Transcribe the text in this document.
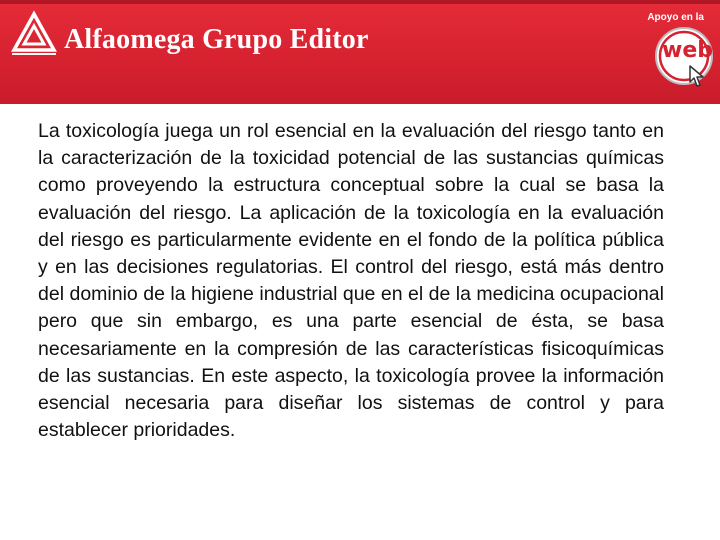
Alfaomega Grupo Editor
Apoyo en la
web
La toxicología juega un rol esencial en la evaluación del riesgo tanto en la caracterización de la toxicidad potencial de las sustancias químicas como proveyendo la estructura conceptual sobre la cual se basa la evaluación del riesgo. La aplicación de la toxicología en la evaluación del riesgo es particularmente evidente en el fondo de la política pública y en las decisiones regulatorias. El control del riesgo, está más dentro del dominio de la higiene industrial que en el de la medicina ocupacional pero que sin embargo, es una parte esencial de ésta, se basa necesariamente en la compresión de las características fisicoquímicas de las sustancias. En este aspecto, la toxicología provee la información esencial necesaria para diseñar los sistemas de control y para establecer prioridades.
